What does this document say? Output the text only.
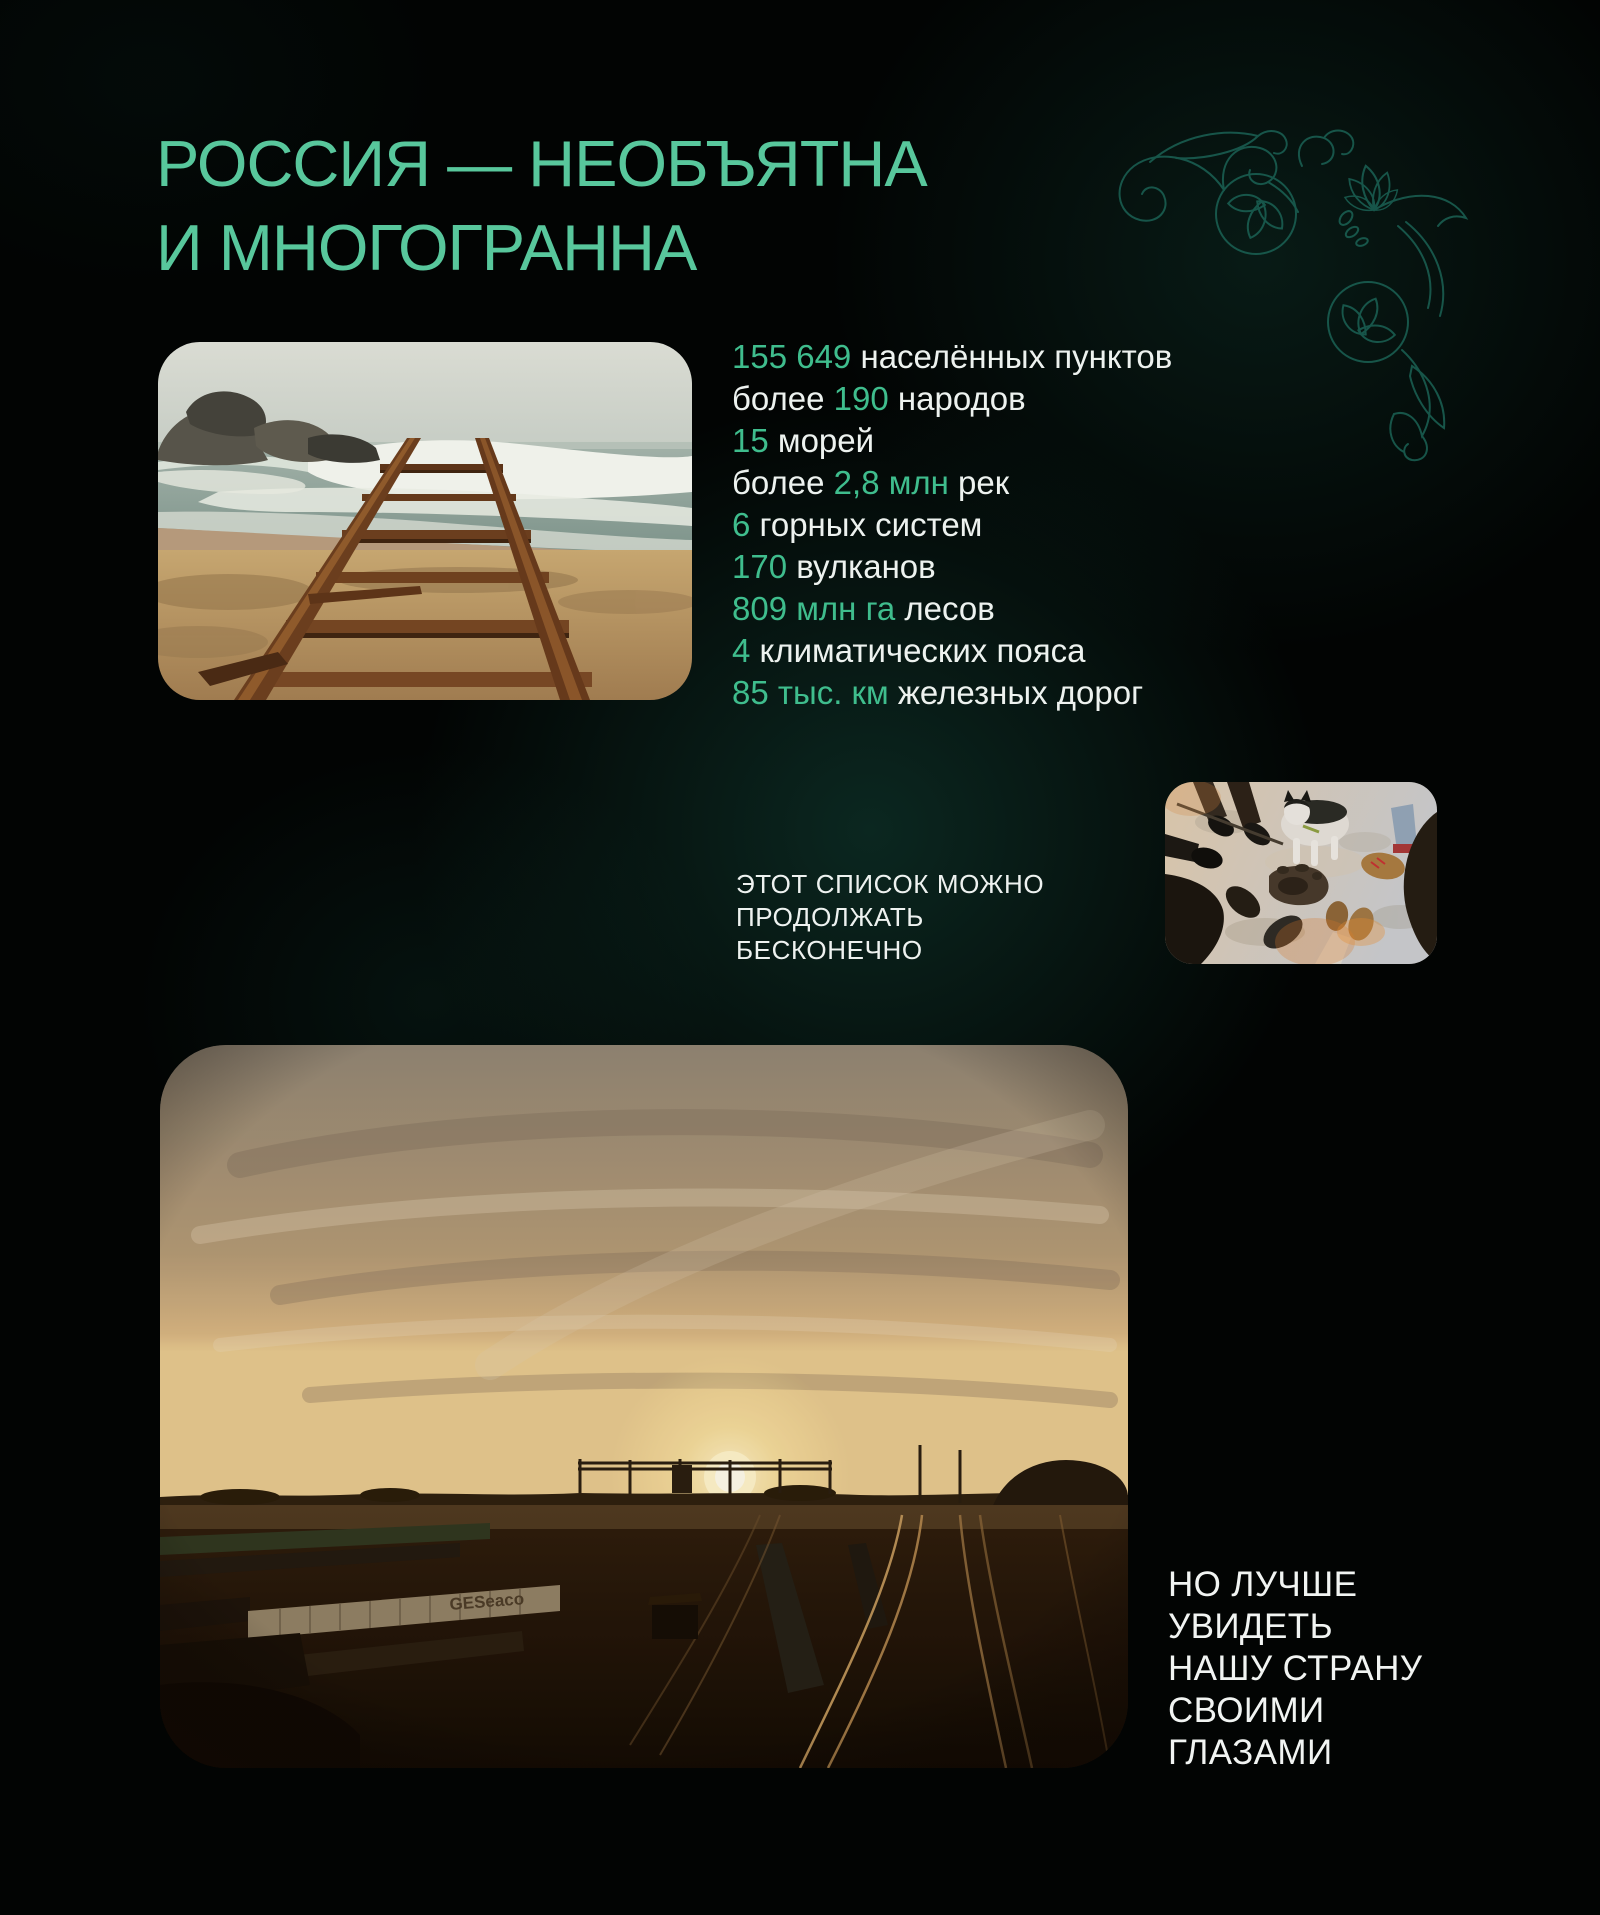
РОССИЯ — НЕОБЪЯТНА
И МНОГОГРАННА
155 649 населённых пунктов
более 190 народов
15 морей
более 2,8 млн рек
6 горных систем
170 вулканов
809 млн га лесов
4 климатических пояса
85 тыс. км железных дорог
ЭТОТ СПИСОК МОЖНО
ПРОДОЛЖАТЬ
БЕСКОНЕЧНО
НО ЛУЧШЕ
УВИДЕТЬ
НАШУ СТРАНУ
СВОИМИ
ГЛАЗАМИ
